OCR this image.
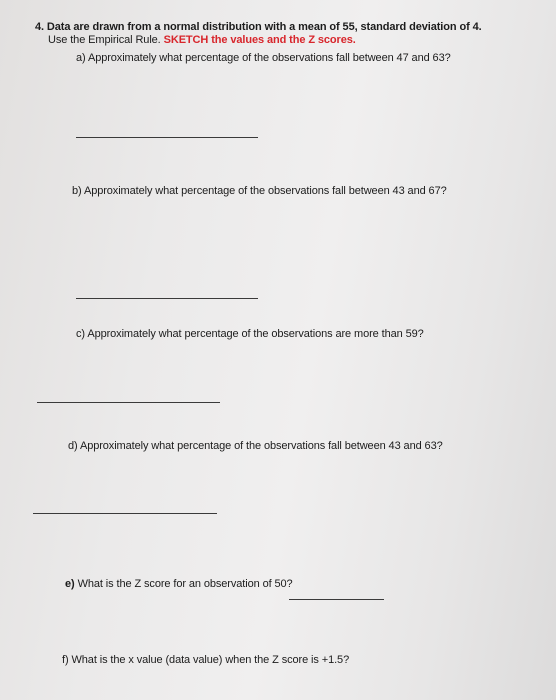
4. Data are drawn from a normal distribution with a mean of 55, standard deviation of 4.
Use the Empirical Rule. SKETCH the values and the Z scores.
a) Approximately what percentage of the observations fall between 47 and 63?
b) Approximately what percentage of the observations fall between 43 and 67?
c) Approximately what percentage of the observations are more than 59?
d) Approximately what percentage of the observations fall between 43 and 63?
e) What is the Z score for an observation of 50?
f) What is the x value (data value) when the Z score is +1.5?
